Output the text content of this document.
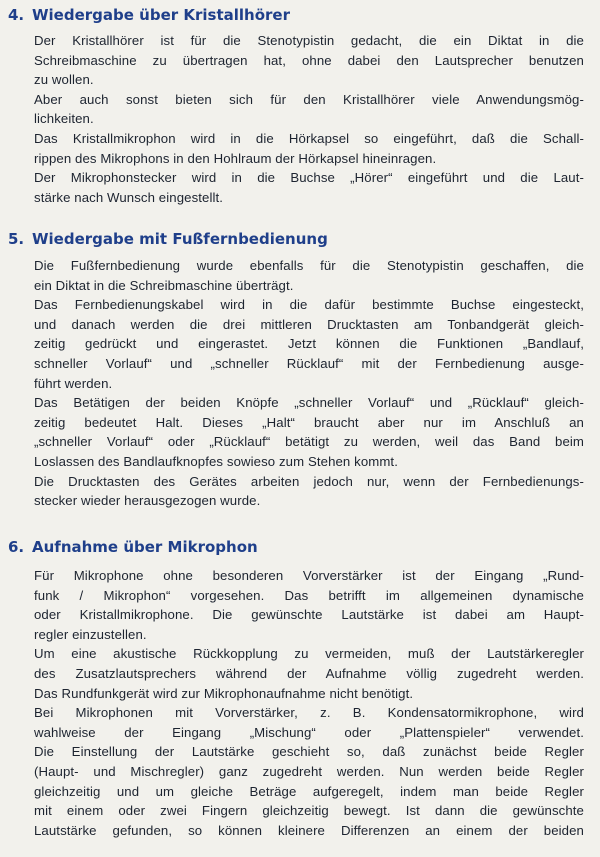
4. Wiedergabe über Kristallhörer
Der Kristallhörer ist für die Stenotypistin gedacht, die ein Diktat in die
Schreibmaschine zu übertragen hat, ohne dabei den Lautsprecher benutzen
zu wollen.
Aber auch sonst bieten sich für den Kristallhörer viele Anwendungsmög-
lichkeiten.
Das Kristallmikrophon wird in die Hörkapsel so eingeführt, daß die Schall-
rippen des Mikrophons in den Hohlraum der Hörkapsel hineinragen.
Der Mikrophonstecker wird in die Buchse „Hörer“ eingeführt und die Laut-
stärke nach Wunsch eingestellt.
5. Wiedergabe mit Fußfernbedienung
Die Fußfernbedienung wurde ebenfalls für die Stenotypistin geschaffen, die
ein Diktat in die Schreibmaschine überträgt.
Das Fernbedienungskabel wird in die dafür bestimmte Buchse eingesteckt,
und danach werden die drei mittleren Drucktasten am Tonbandgerät gleich-
zeitig gedrückt und eingerastet. Jetzt können die Funktionen „Bandlauf,
schneller Vorlauf“ und „schneller Rücklauf“ mit der Fernbedienung ausge-
führt werden.
Das Betätigen der beiden Knöpfe „schneller Vorlauf“ und „Rücklauf“ gleich-
zeitig bedeutet Halt. Dieses „Halt“ braucht aber nur im Anschluß an
„schneller Vorlauf“ oder „Rücklauf“ betätigt zu werden, weil das Band beim
Loslassen des Bandlaufknopfes sowieso zum Stehen kommt.
Die Drucktasten des Gerätes arbeiten jedoch nur, wenn der Fernbedienungs-
stecker wieder herausgezogen wurde.
6. Aufnahme über Mikrophon
Für Mikrophone ohne besonderen Vorverstärker ist der Eingang „Rund-
funk / Mikrophon“ vorgesehen. Das betrifft im allgemeinen dynamische
oder Kristallmikrophone. Die gewünschte Lautstärke ist dabei am Haupt-
regler einzustellen.
Um eine akustische Rückkopplung zu vermeiden, muß der Lautstärkeregler
des Zusatzlautsprechers während der Aufnahme völlig zugedreht werden.
Das Rundfunkgerät wird zur Mikrophonaufnahme nicht benötigt.
Bei Mikrophonen mit Vorverstärker, z. B. Kondensatormikrophone, wird
wahlweise der Eingang „Mischung“ oder „Plattenspieler“ verwendet.
Die Einstellung der Lautstärke geschieht so, daß zunächst beide Regler
(Haupt- und Mischregler) ganz zugedreht werden. Nun werden beide Regler
gleichzeitig und um gleiche Beträge aufgeregelt, indem man beide Regler
mit einem oder zwei Fingern gleichzeitig bewegt. Ist dann die gewünschte
Lautstärke gefunden, so können kleinere Differenzen an einem der beiden
